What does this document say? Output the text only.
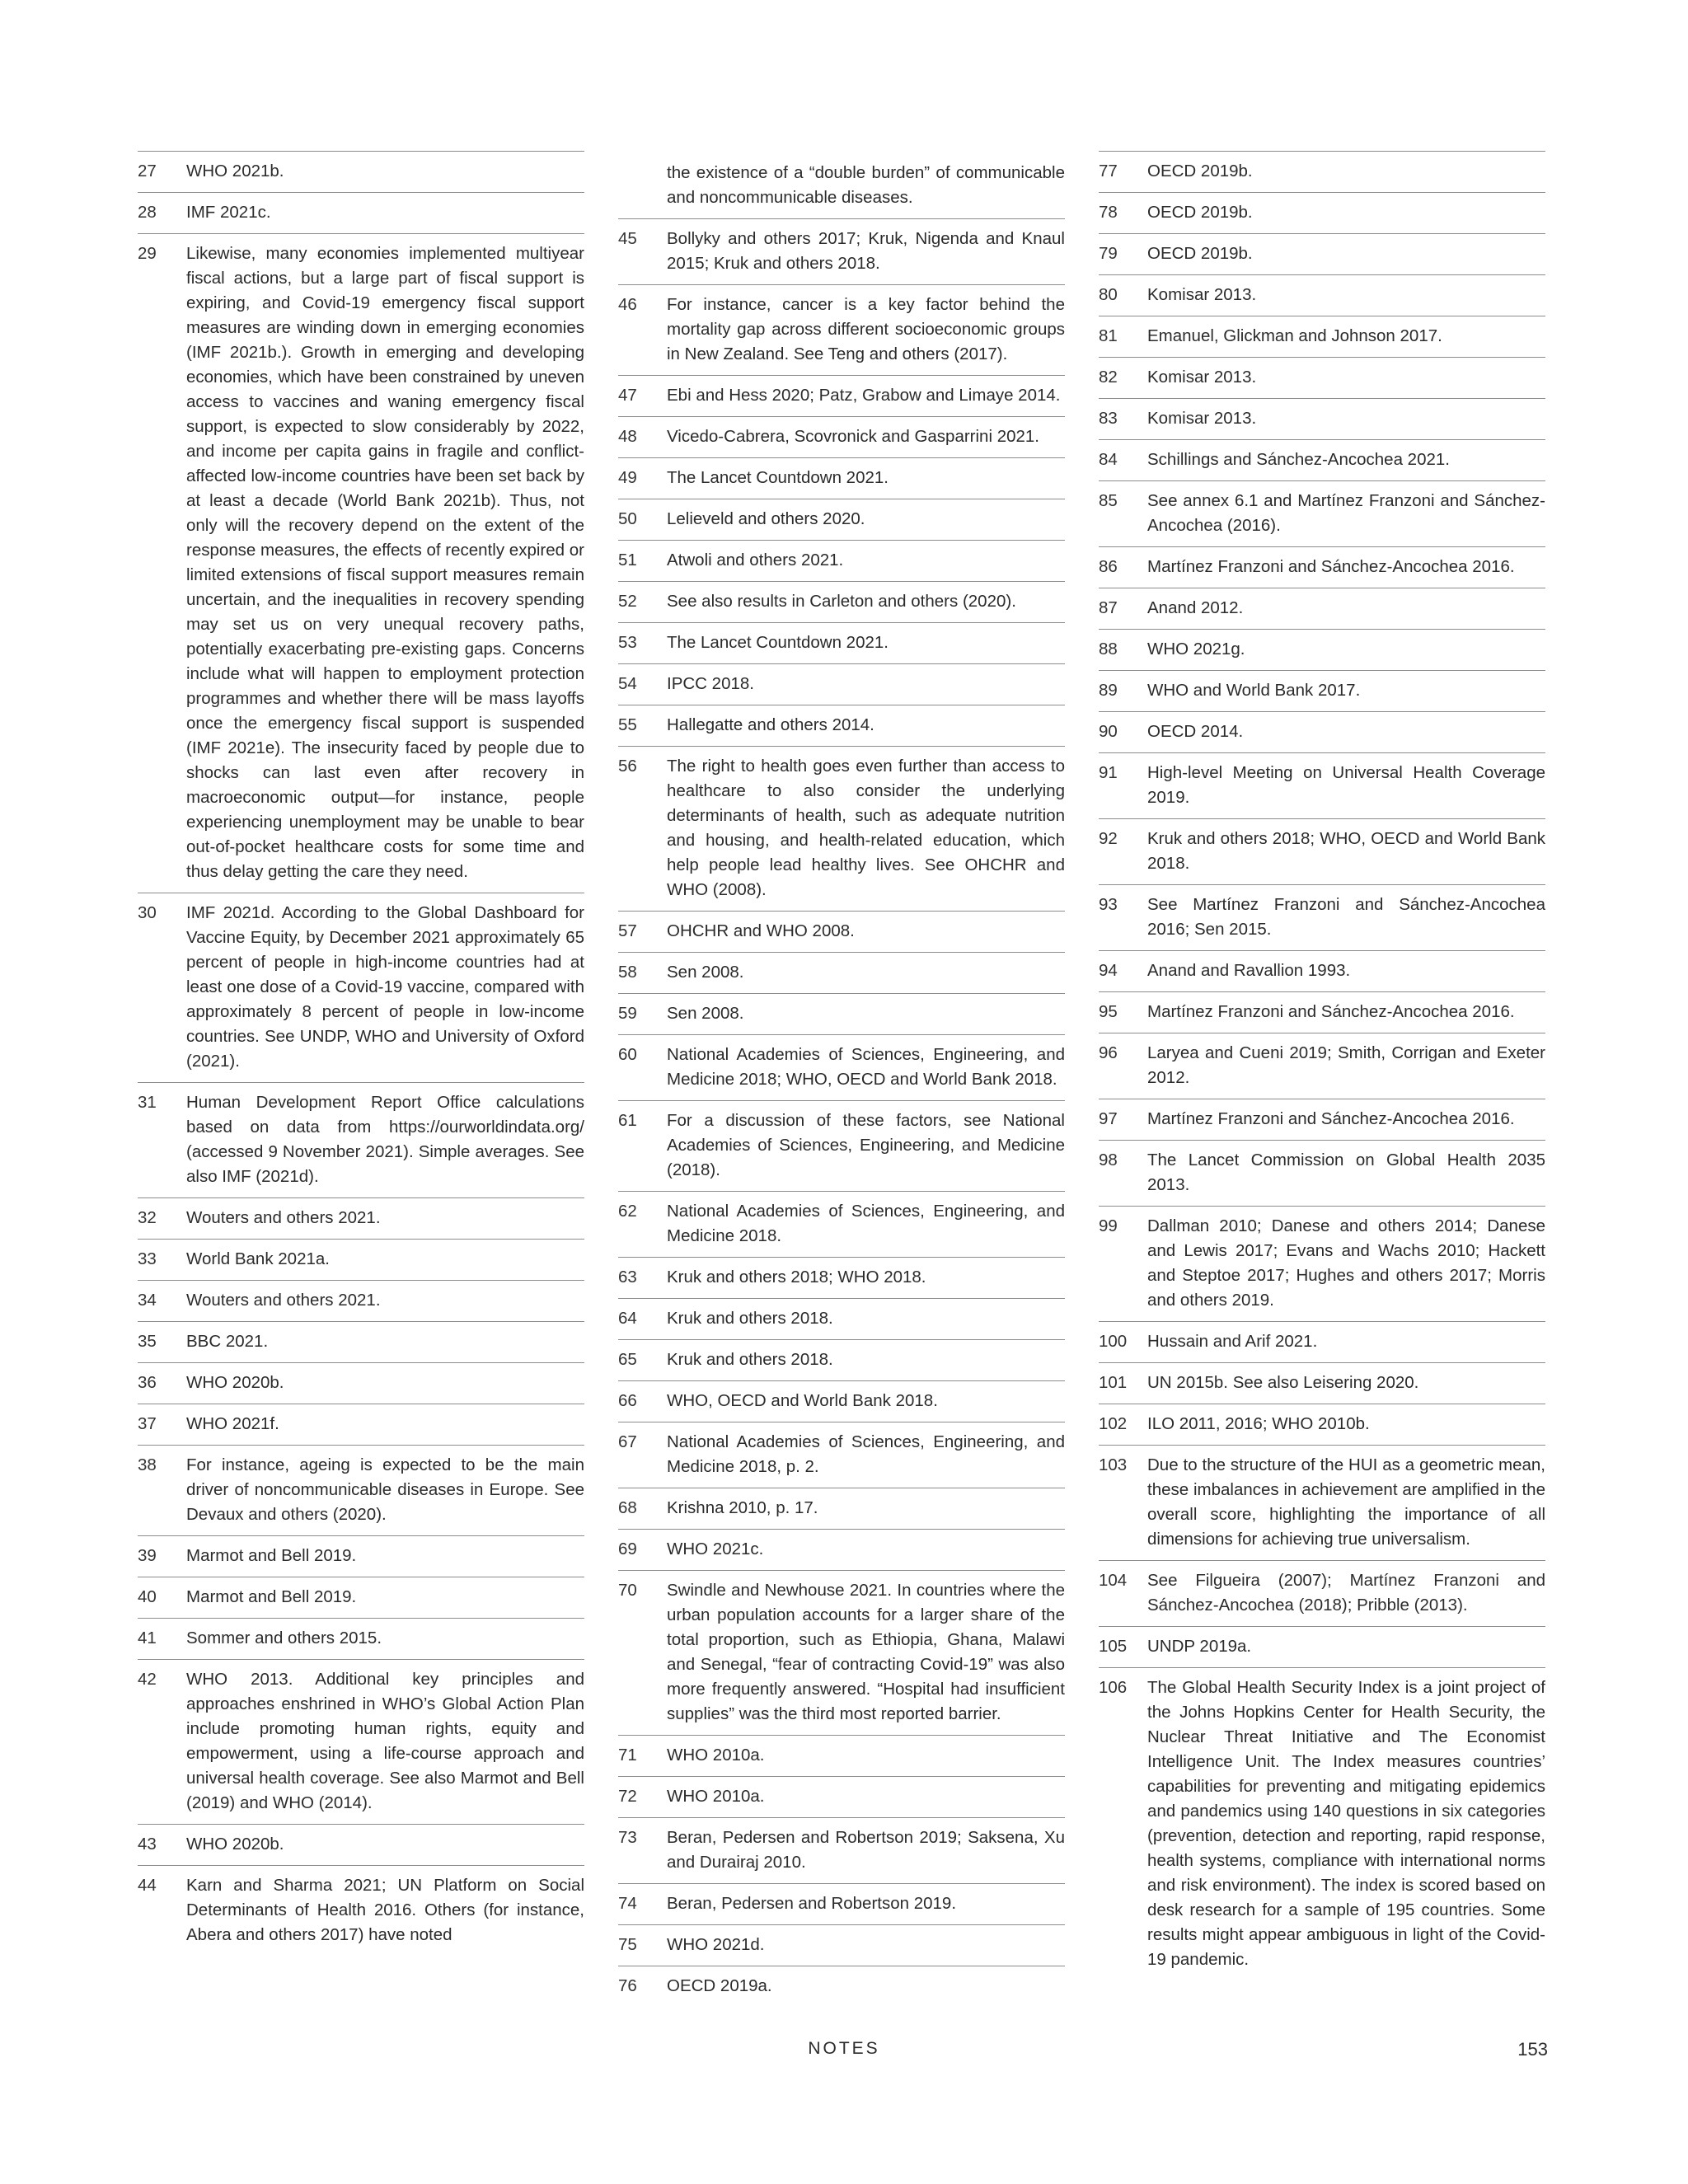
27	WHO 2021b.
28	IMF 2021c.
29	Likewise, many economies implemented multiyear fiscal actions, but a large part of fiscal support is expiring, and Covid-19 emergency fiscal support measures are winding down in emerging economies (IMF 2021b.). Growth in emerging and developing economies, which have been constrained by uneven access to vaccines and waning emergency fiscal support, is expected to slow considerably by 2022, and income per capita gains in fragile and conflict-affected low-income countries have been set back by at least a decade (World Bank 2021b). Thus, not only will the recovery depend on the extent of the response measures, the effects of recently expired or limited extensions of fiscal support measures remain uncertain, and the inequalities in recovery spending may set us on very unequal recovery paths, potentially exacerbating pre-existing gaps. Concerns include what will happen to employment protection programmes and whether there will be mass layoffs once the emergency fiscal support is suspended (IMF 2021e). The insecurity faced by people due to shocks can last even after recovery in macroeconomic output—for instance, people experiencing unemployment may be unable to bear out-of-pocket healthcare costs for some time and thus delay getting the care they need.
30	IMF 2021d. According to the Global Dashboard for Vaccine Equity, by December 2021 approximately 65 percent of people in high-income countries had at least one dose of a Covid-19 vaccine, compared with approximately 8 percent of people in low-income countries. See UNDP, WHO and University of Oxford (2021).
31	Human Development Report Office calculations based on data from https://ourworldindata.org/ (accessed 9 November 2021). Simple averages. See also IMF (2021d).
32	Wouters and others 2021.
33	World Bank 2021a.
34	Wouters and others 2021.
35	BBC 2021.
36	WHO 2020b.
37	WHO 2021f.
38	For instance, ageing is expected to be the main driver of noncommunicable diseases in Europe. See Devaux and others (2020).
39	Marmot and Bell 2019.
40	Marmot and Bell 2019.
41	Sommer and others 2015.
42	WHO 2013. Additional key principles and approaches enshrined in WHO’s Global Action Plan include promoting human rights, equity and empowerment, using a life-course approach and universal health coverage. See also Marmot and Bell (2019) and WHO (2014).
43	WHO 2020b.
44	Karn and Sharma 2021; UN Platform on Social Determinants of Health 2016. Others (for instance, Abera and others 2017) have noted
the existence of a “double burden” of communicable and noncommunicable diseases.
45	Bollyky and others 2017; Kruk, Nigenda and Knaul 2015; Kruk and others 2018.
46	For instance, cancer is a key factor behind the mortality gap across different socioeconomic groups in New Zealand. See Teng and others (2017).
47	Ebi and Hess 2020; Patz, Grabow and Limaye 2014.
48	Vicedo-Cabrera, Scovronick and Gasparrini 2021.
49	The Lancet Countdown 2021.
50	Lelieveld and others 2020.
51	Atwoli and others 2021.
52	See also results in Carleton and others (2020).
53	The Lancet Countdown 2021.
54	IPCC 2018.
55	Hallegatte and others 2014.
56	The right to health goes even further than access to healthcare to also consider the underlying determinants of health, such as adequate nutrition and housing, and health-related education, which help people lead healthy lives. See OHCHR and WHO (2008).
57	OHCHR and WHO 2008.
58	Sen 2008.
59	Sen 2008.
60	National Academies of Sciences, Engineering, and Medicine 2018; WHO, OECD and World Bank 2018.
61	For a discussion of these factors, see National Academies of Sciences, Engineering, and Medicine (2018).
62	National Academies of Sciences, Engineering, and Medicine 2018.
63	Kruk and others 2018; WHO 2018.
64	Kruk and others 2018.
65	Kruk and others 2018.
66	WHO, OECD and World Bank 2018.
67	National Academies of Sciences, Engineering, and Medicine 2018, p. 2.
68	Krishna 2010, p. 17.
69	WHO 2021c.
70	Swindle and Newhouse 2021. In countries where the urban population accounts for a larger share of the total proportion, such as Ethiopia, Ghana, Malawi and Senegal, “fear of contracting Covid-19” was also more frequently answered. “Hospital had insufficient supplies” was the third most reported barrier.
71	WHO 2010a.
72	WHO 2010a.
73	Beran, Pedersen and Robertson 2019; Saksena, Xu and Durairaj 2010.
74	Beran, Pedersen and Robertson 2019.
75	WHO 2021d.
76	OECD 2019a.
77	OECD 2019b.
78	OECD 2019b.
79	OECD 2019b.
80	Komisar 2013.
81	Emanuel, Glickman and Johnson 2017.
82	Komisar 2013.
83	Komisar 2013.
84	Schillings and Sánchez-Ancochea 2021.
85	See annex 6.1 and Martínez Franzoni and Sánchez-Ancochea (2016).
86	Martínez Franzoni and Sánchez-Ancochea 2016.
87	Anand 2012.
88	WHO 2021g.
89	WHO and World Bank 2017.
90	OECD 2014.
91	High-level Meeting on Universal Health Coverage 2019.
92	Kruk and others 2018; WHO, OECD and World Bank 2018.
93	See Martínez Franzoni and Sánchez-Ancochea 2016; Sen 2015.
94	Anand and Ravallion 1993.
95	Martínez Franzoni and Sánchez-Ancochea 2016.
96	Laryea and Cueni 2019; Smith, Corrigan and Exeter 2012.
97	Martínez Franzoni and Sánchez-Ancochea 2016.
98	The Lancet Commission on Global Health 2035 2013.
99	Dallman 2010; Danese and others 2014; Danese and Lewis 2017; Evans and Wachs 2010; Hackett and Steptoe 2017; Hughes and others 2017; Morris and others 2019.
100	Hussain and Arif 2021.
101	UN 2015b. See also Leisering 2020.
102	ILO 2011, 2016; WHO 2010b.
103	Due to the structure of the HUI as a geometric mean, these imbalances in achievement are amplified in the overall score, highlighting the importance of all dimensions for achieving true universalism.
104	See Filgueira (2007); Martínez Franzoni and Sánchez-Ancochea (2018); Pribble (2013).
105	UNDP 2019a.
106	The Global Health Security Index is a joint project of the Johns Hopkins Center for Health Security, the Nuclear Threat Initiative and The Economist Intelligence Unit. The Index measures countries’ capabilities for preventing and mitigating epidemics and pandemics using 140 questions in six categories (prevention, detection and reporting, rapid response, health systems, compliance with international norms and risk environment). The index is scored based on desk research for a sample of 195 countries. Some results might appear ambiguous in light of the Covid-19 pandemic.
NOTES	153
